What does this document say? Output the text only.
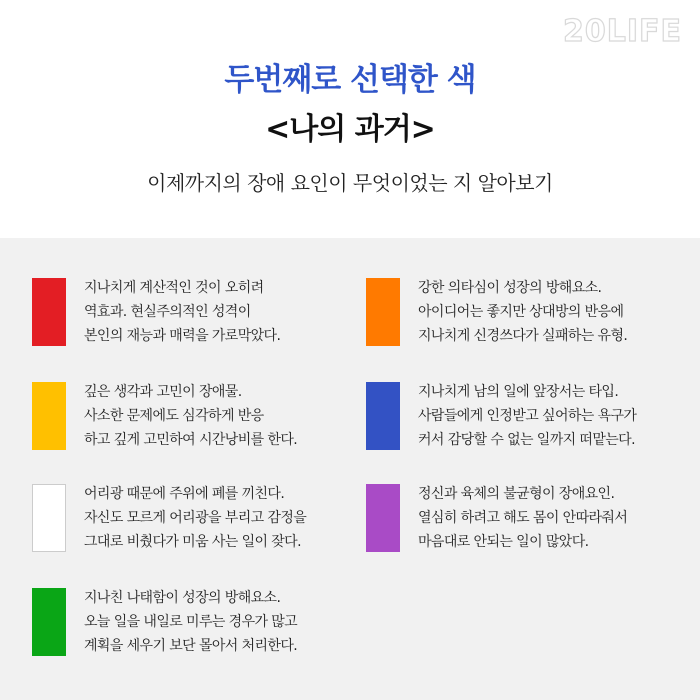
20LIFE
두번째로 선택한 색
<나의 과거>
이제까지의 장애 요인이 무엇이었는 지 알아보기
지나치게 계산적인 것이 오히려
역효과. 현실주의적인 성격이
본인의 재능과 매력을 가로막았다.
깊은 생각과 고민이 장애물.
사소한 문제에도 심각하게 반응
하고 깊게 고민하여 시간낭비를 한다.
어리광 때문에 주위에 폐를 끼친다.
자신도 모르게 어리광을 부리고 감정을
그대로 비췄다가 미움 사는 일이 잦다.
지나친 나태함이 성장의 방해요소.
오늘 일을 내일로 미루는 경우가 많고
계획을 세우기 보단 몰아서 처리한다.
강한 의타심이 성장의 방해요소.
아이디어는 좋지만 상대방의 반응에
지나치게 신경쓰다가 실패하는 유형.
지나치게 남의 일에 앞장서는 타입.
사람들에게 인정받고 싶어하는 욕구가
커서 감당할 수 없는 일까지 떠맡는다.
정신과 육체의 불균형이 장애요인.
열심히 하려고 해도 몸이 안따라줘서
마음대로 안되는 일이 많았다.
